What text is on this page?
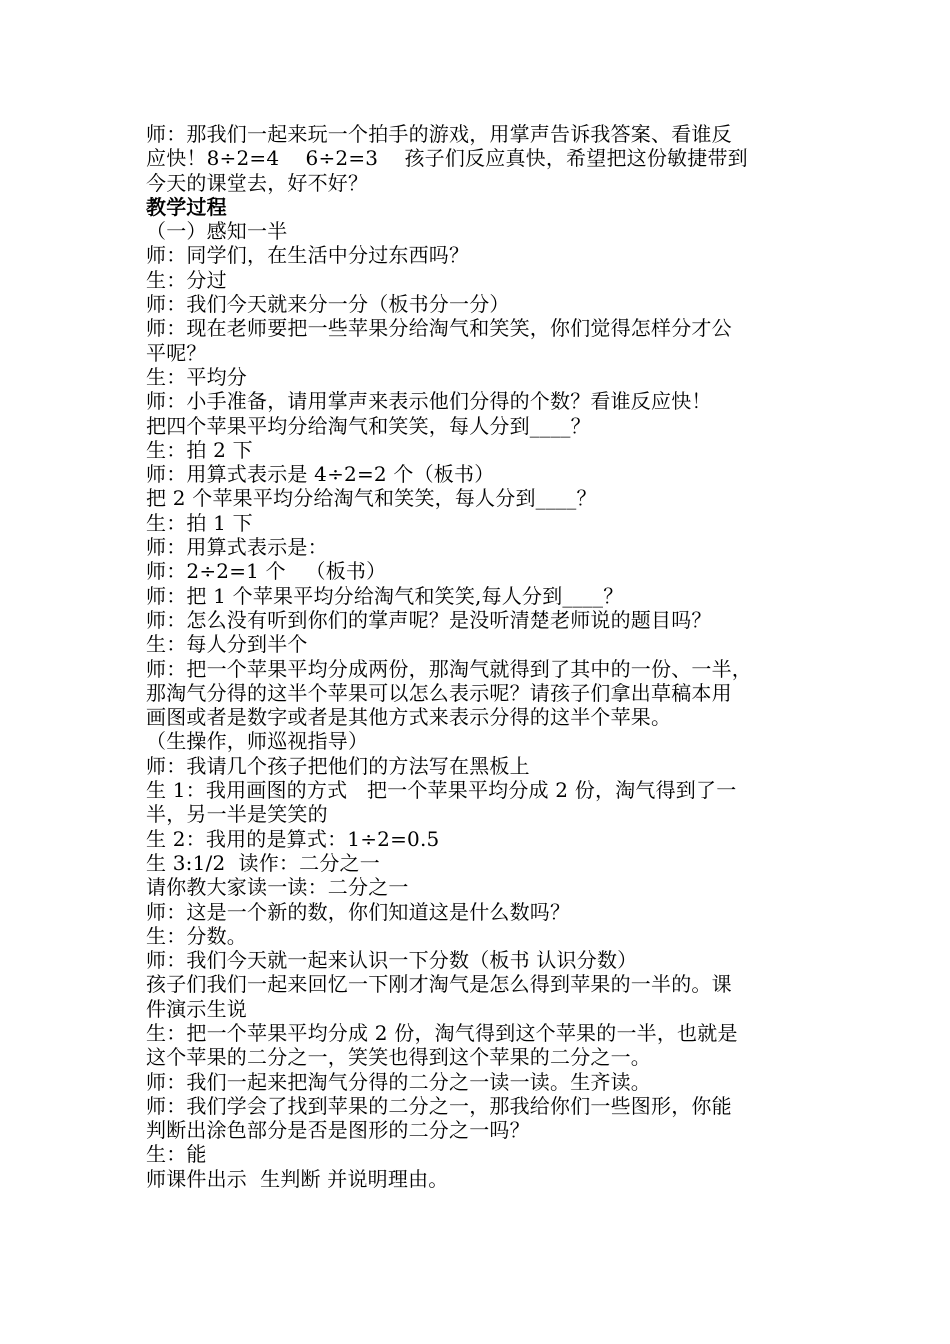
师：那我们一起来玩一个拍手的游戏，用掌声告诉我答案、看谁反
应快！8÷2=4    6÷2=3    孩子们反应真快，希望把这份敏捷带到
今天的课堂去，好不好？
教学过程
（一）感知一半
师：同学们，在生活中分过东西吗？
生：分过
师：我们今天就来分一分（板书分一分）
师：现在老师要把一些苹果分给淘气和笑笑，你们觉得怎样分才公
平呢？
生：平均分
师：小手准备，请用掌声来表示他们分得的个数？看谁反应快！
把四个苹果平均分给淘气和笑笑，每人分到____？
生：拍 2 下
师：用算式表示是 4÷2=2 个（板书）
把 2 个苹果平均分给淘气和笑笑，每人分到____？
生：拍 1 下
师：用算式表示是：
师：2÷2=1 个   （板书）
师：把 1 个苹果平均分给淘气和笑笑,每人分到____？
师：怎么没有听到你们的掌声呢？是没听清楚老师说的题目吗？
生：每人分到半个
师：把一个苹果平均分成两份，那淘气就得到了其中的一份、一半，
那淘气分得的这半个苹果可以怎么表示呢？请孩子们拿出草稿本用
画图或者是数字或者是其他方式来表示分得的这半个苹果。
（生操作，师巡视指导）
师：我请几个孩子把他们的方法写在黑板上
生 1：我用画图的方式   把一个苹果平均分成 2 份，淘气得到了一
半，另一半是笑笑的
生 2：我用的是算式：1÷2=0.5
生 3:1/2  读作：二分之一
请你教大家读一读：二分之一
师：这是一个新的数，你们知道这是什么数吗？
生：分数。
师：我们今天就一起来认识一下分数（板书 认识分数）
孩子们我们一起来回忆一下刚才淘气是怎么得到苹果的一半的。课
件演示生说
生：把一个苹果平均分成 2 份，淘气得到这个苹果的一半，也就是
这个苹果的二分之一，笑笑也得到这个苹果的二分之一。
师：我们一起来把淘气分得的二分之一读一读。生齐读。
师：我们学会了找到苹果的二分之一，那我给你们一些图形，你能
判断出涂色部分是否是图形的二分之一吗？
生：能
师课件出示  生判断 并说明理由。
